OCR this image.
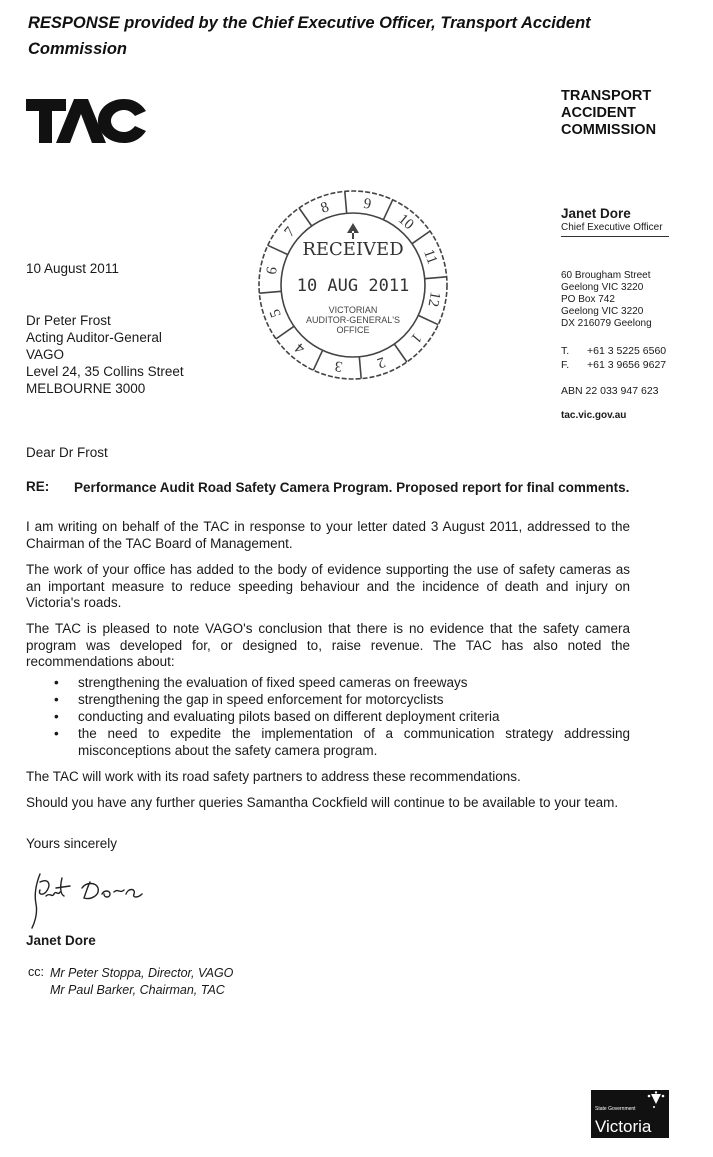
RESPONSE provided by the Chief Executive Officer, Transport Accident Commission
TAC	TRANSPORT
ACCIDENT
COMMISSION
Janet Dore
Chief Executive Officer
60 Brougham Street
Geelong VIC 3220
PO Box 742
Geelong VIC 3220
DX 216079 Geelong
T. +61 3 5225 6560
F. +61 3 9656 9627
ABN 22 033 947 623
tac.vic.gov.au
8 9
10
11
12
1
2
3
4
5
6
7
RECEIVED
10 AUG 2011
VICTORIAN
AUDITOR-GENERAL'S
OFFICE
10 August 2011
Dr Peter Frost
Acting Auditor-General
VAGO
Level 24, 35 Collins Street
MELBOURNE 3000
Dear Dr Frost
RE: Performance Audit Road Safety Camera Program. Proposed report for final comments.
I am writing on behalf of the TAC in response to your letter dated 3 August 2011, addressed to the Chairman of the TAC Board of Management.
The work of your office has added to the body of evidence supporting the use of safety cameras as an important measure to reduce speeding behaviour and the incidence of death and injury on Victoria's roads.
The TAC is pleased to note VAGO's conclusion that there is no evidence that the safety camera program was developed for, or designed to, raise revenue. The TAC has also noted the recommendations about:
• strengthening the evaluation of fixed speed cameras on freeways
• strengthening the gap in speed enforcement for motorcyclists
• conducting and evaluating pilots based on different deployment criteria
• the need to expedite the implementation of a communication strategy addressing misconceptions about the safety camera program.
The TAC will work with its road safety partners to address these recommendations.
Should you have any further queries Samantha Cockfield will continue to be available to your team.
Yours sincerely
Janet Dore
cc: Mr Peter Stoppa, Director, VAGO
Mr Paul Barker, Chairman, TAC
State Government
Victoria
